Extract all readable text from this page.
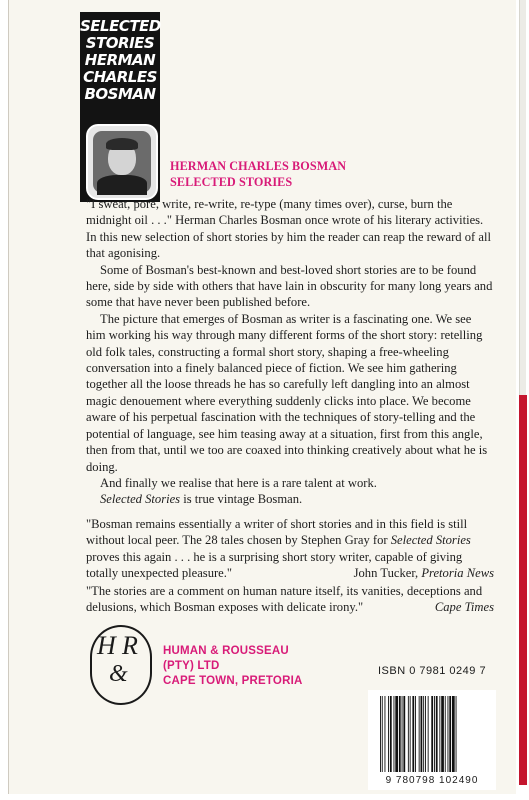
SELECTED
STORIES
HERMAN
CHARLES
BOSMAN
HERMAN CHARLES BOSMAN
SELECTED STORIES

"I sweat, pore, write, re-write, re-type (many times over), curse, burn the midnight oil . . ." Herman Charles Bosman once wrote of his literary activities. In this new selection of short stories by him the reader can reap the reward of all that agonising.

Some of Bosman's best-known and best-loved short stories are to be found here, side by side with others that have lain in obscurity for many long years and some that have never been published before.

The picture that emerges of Bosman as writer is a fascinating one. We see him working his way through many different forms of the short story: retelling old folk tales, constructing a formal short story, shaping a free-wheeling conversation into a finely balanced piece of fiction. We see him gathering together all the loose threads he has so carefully left dangling into an almost magic denouement where everything suddenly clicks into place. We become aware of his perpetual fascination with the techniques of story-telling and the potential of language, see him teasing away at a situation, first from this angle, then from that, until we too are coaxed into thinking creatively about what he is doing.

And finally we realise that here is a rare talent at work.

Selected Stories is true vintage Bosman.

"Bosman remains essentially a writer of short stories and in this field is still without local peer. The 28 tales chosen by Stephen Gray for Selected Stories proves this again . . . he is a surprising short story writer, capable of giving totally unexpected pleasure."	John Tucker, Pretoria News
"The stories are a comment on human nature itself, its vanities, deceptions and delusions, which Bosman exposes with delicate irony."	Cape Times
H R
&
HUMAN & ROUSSEAU
(PTY) LTD
CAPE TOWN, PRETORIA
ISBN 0 7981 0249 7
9 780798 102490
